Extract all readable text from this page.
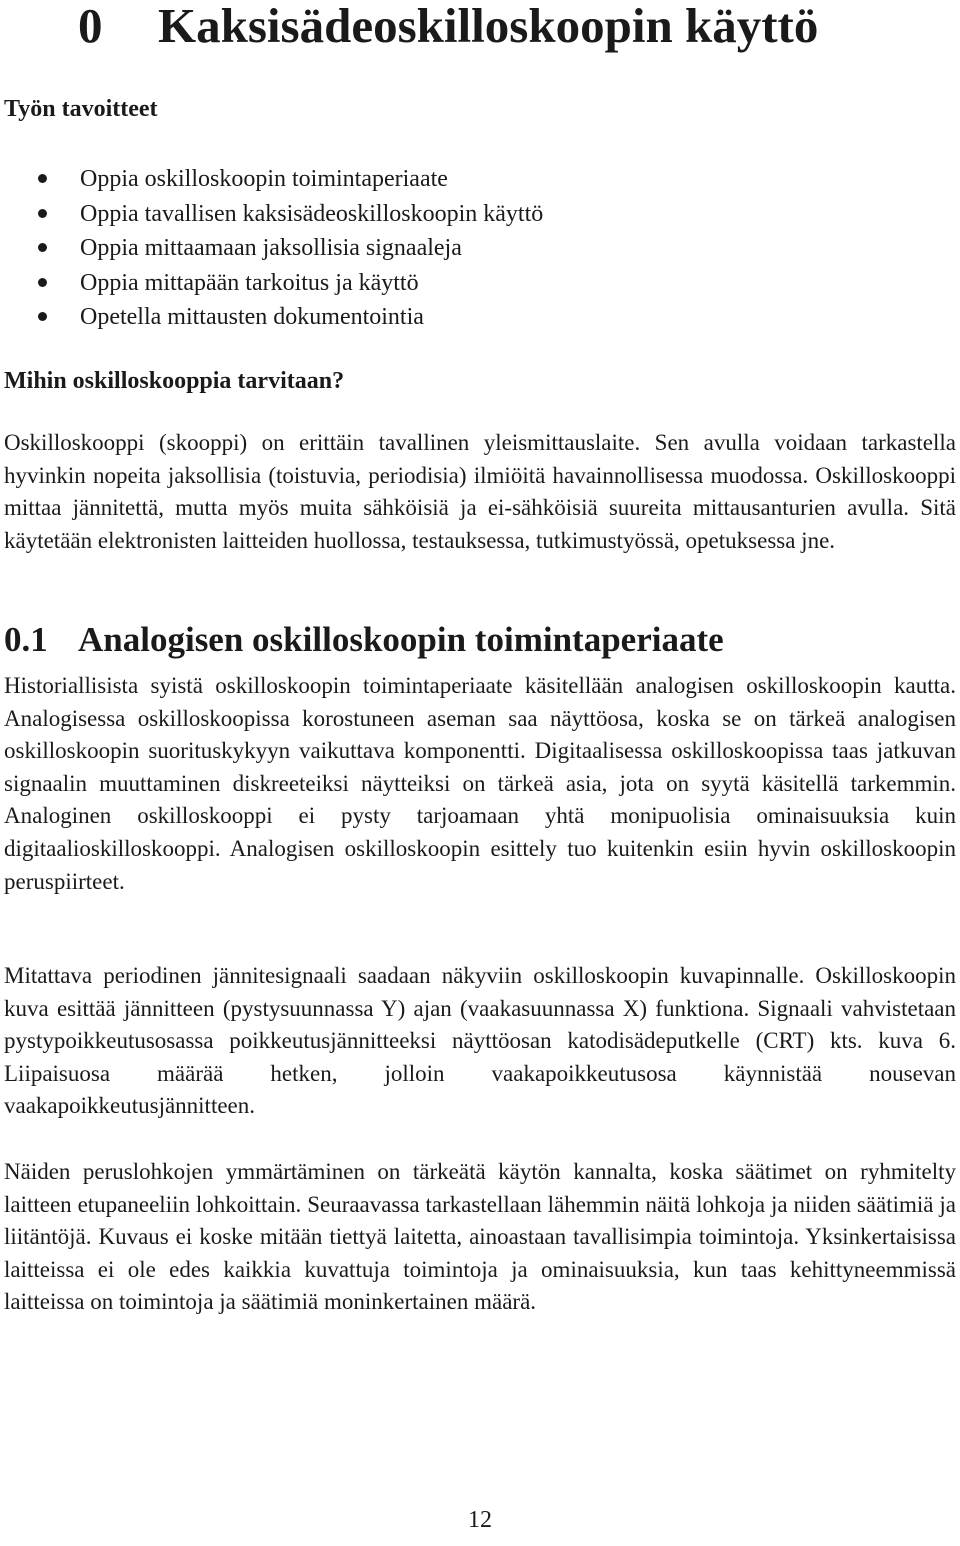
0 Kaksisädeoskilloskoopin käyttö
Työn tavoitteet
Oppia oskilloskoopin toimintaperiaate
Oppia tavallisen kaksisädeoskilloskoopin käyttö
Oppia mittaamaan jaksollisia signaaleja
Oppia mittapään tarkoitus ja käyttö
Opetella mittausten dokumentointia
Mihin oskilloskooppia tarvitaan?

Oskilloskooppi (skooppi) on erittäin tavallinen yleismittauslaite. Sen avulla voidaan tarkastella hyvinkin nopeita jaksollisia (toistuvia, periodisia) ilmiöitä havainnollisessa muodossa. Oskilloskooppi mittaa jännitettä, mutta myös muita sähköisiä ja ei-sähköisiä suureita mittausanturien avulla. Sitä käytetään elektronisten laitteiden huollossa, testauksessa, tutkimustyössä, opetuksessa jne.

0.1 Analogisen oskilloskoopin toimintaperiaate

Historiallisista syistä oskilloskoopin toimintaperiaate käsitellään analogisen oskilloskoopin kautta. Analogisessa oskilloskoopissa korostuneen aseman saa näyttöosa, koska se on tärkeä analogisen oskilloskoopin suorituskykyyn vaikuttava komponentti. Digitaalisessa oskilloskoopissa taas jatkuvan signaalin muuttaminen diskreeteiksi näytteiksi on tärkeä asia, jota on syytä käsitellä tarkemmin. Analoginen oskilloskooppi ei pysty tarjoamaan yhtä monipuolisia ominaisuuksia kuin digitaalioskilloskooppi. Analogisen oskilloskoopin esittely tuo kuitenkin esiin hyvin oskilloskoopin peruspiirteet.

Mitattava periodinen jännitesignaali saadaan näkyviin oskilloskoopin kuvapinnalle. Oskilloskoopin kuva esittää jännitteen (pystysuunnassa Y) ajan (vaakasuunnassa X) funktiona. Signaali vahvistetaan pystypoikkeutusosassa poikkeutusjännitteeksi näyttöosan katodisädeputkelle (CRT) kts. kuva 6. Liipaisuosa määrää hetken, jolloin vaakapoikkeutusosa käynnistää nousevan vaakapoikkeutusjännitteen.

Näiden peruslohkojen ymmärtäminen on tärkeätä käytön kannalta, koska säätimet on ryhmitelty laitteen etupaneeliin lohkoittain. Seuraavassa tarkastellaan lähemmin näitä lohkoja ja niiden säätimiä ja liitäntöjä. Kuvaus ei koske mitään tiettyä laitetta, ainoastaan tavallisimpia toimintoja. Yksinkertaisissa laitteissa ei ole edes kaikkia kuvattuja toimintoja ja ominaisuuksia, kun taas kehittyneemmissä laitteissa on toimintoja ja säätimiä moninkertainen määrä.

12
